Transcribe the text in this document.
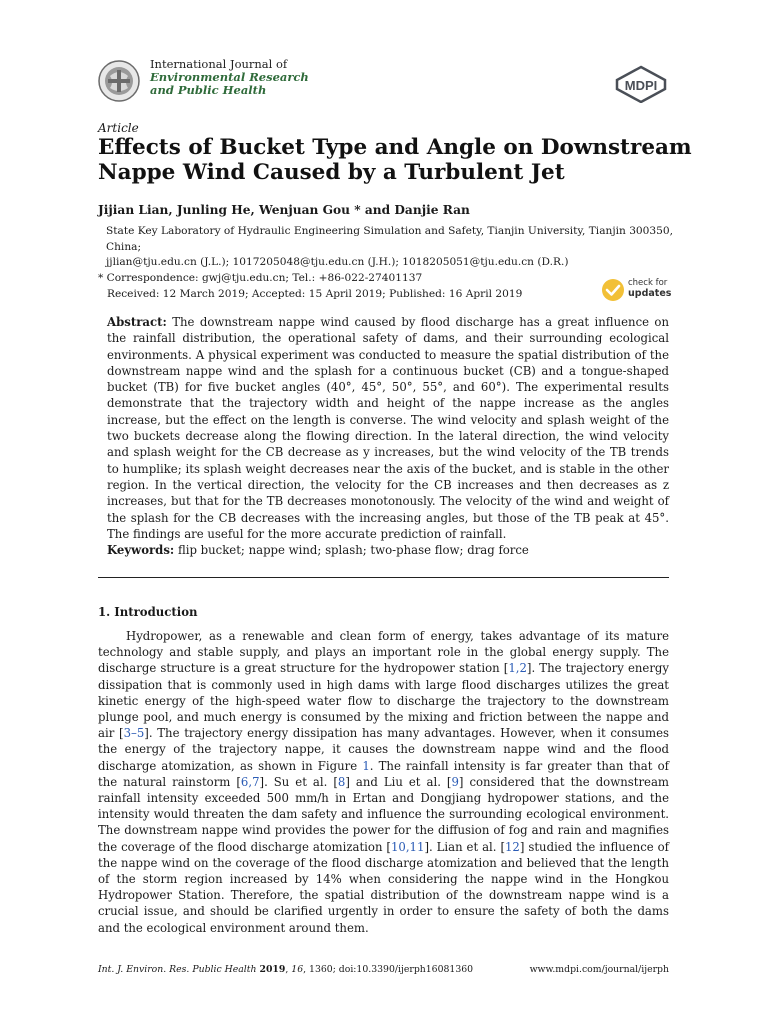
International Journal of
Environmental Research
and Public Health	MDPI
Article
Effects of Bucket Type and Angle on Downstream Nappe Wind Caused by a Turbulent Jet
Jijian Lian, Junling He, Wenjuan Gou * and Danjie Ran
State Key Laboratory of Hydraulic Engineering Simulation and Safety, Tianjin University, Tianjin 300350, China;
jjlian@tju.edu.cn (J.L.); 1017205048@tju.edu.cn (J.H.); 1018205051@tju.edu.cn (D.R.)
* Correspondence: gwj@tju.edu.cn; Tel.: +86-022-27401137
Received: 12 March 2019; Accepted: 15 April 2019; Published: 16 April 2019
check for
updates

Abstract: The downstream nappe wind caused by flood discharge has a great influence on the rainfall distribution, the operational safety of dams, and their surrounding ecological environments. A physical experiment was conducted to measure the spatial distribution of the downstream nappe wind and the splash for a continuous bucket (CB) and a tongue-shaped bucket (TB) for five bucket angles (40°, 45°, 50°, 55°, and 60°). The experimental results demonstrate that the trajectory width and height of the nappe increase as the angles increase, but the effect on the length is converse. The wind velocity and splash weight of the two buckets decrease along the flowing direction. In the lateral direction, the wind velocity and splash weight for the CB decrease as y increases, but the wind velocity of the TB trends to humplike; its splash weight decreases near the axis of the bucket, and is stable in the other region. In the vertical direction, the velocity for the CB increases and then decreases as z increases, but that for the TB decreases monotonously. The velocity of the wind and weight of the splash for the CB decreases with the increasing angles, but those of the TB peak at 45°. The findings are useful for the more accurate prediction of rainfall.

Keywords: flip bucket; nappe wind; splash; two-phase flow; drag force
1. Introduction

Hydropower, as a renewable and clean form of energy, takes advantage of its mature technology and stable supply, and plays an important role in the global energy supply. The discharge structure is a great structure for the hydropower station [1,2]. The trajectory energy dissipation that is commonly used in high dams with large flood discharges utilizes the great kinetic energy of the high-speed water flow to discharge the trajectory to the downstream plunge pool, and much energy is consumed by the mixing and friction between the nappe and air [3–5]. The trajectory energy dissipation has many advantages. However, when it consumes the energy of the trajectory nappe, it causes the downstream nappe wind and the flood discharge atomization, as shown in Figure 1. The rainfall intensity is far greater than that of the natural rainstorm [6,7]. Su et al. [8] and Liu et al. [9] considered that the downstream rainfall intensity exceeded 500 mm/h in Ertan and Dongjiang hydropower stations, and the intensity would threaten the dam safety and influence the surrounding ecological environment. The downstream nappe wind provides the power for the diffusion of fog and rain and magnifies the coverage of the flood discharge atomization [10,11]. Lian et al. [12] studied the influence of the nappe wind on the coverage of the flood discharge atomization and believed that the length of the storm region increased by 14% when considering the nappe wind in the Hongkou Hydropower Station. Therefore, the spatial distribution of the downstream nappe wind is a crucial issue, and should be clarified urgently in order to ensure the safety of both the dams and the ecological environment around them.

Int. J. Environ. Res. Public Health 2019, 16, 1360; doi:10.3390/ijerph16081360	www.mdpi.com/journal/ijerph
